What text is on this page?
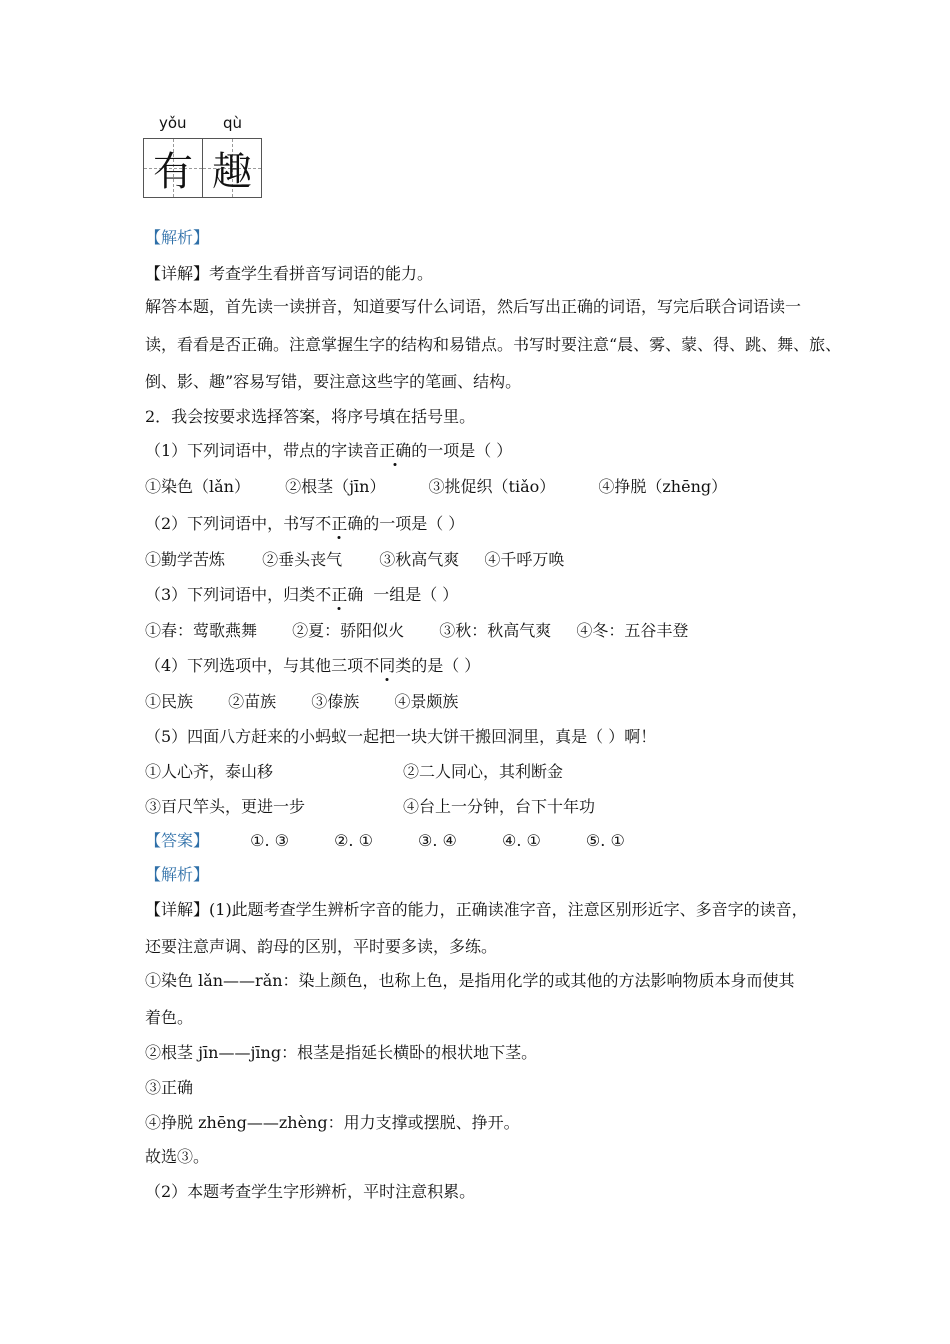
yǒu qù
有 趣
【解析】
【详解】考查学生看拼音写词语的能力。
解答本题，首先读一读拼音，知道要写什么词语，然后写出正确的词语，写完后联合词语读一
读，看看是否正确。注意掌握生字的结构和易错点。书写时要注意“晨、雾、蒙、得、跳、舞、旅、
倒、影、趣”容易写错，要注意这些字的笔画、结构。
2．我会按要求选择答案，将序号填在括号里。
（1）下列词语中，带点的字读音正确的一项是（ ）
①染色（lǎn） ②根茎（jīn）	③挑促织（tiǎo）	④挣脱（zhēng）
（2）下列词语中，书写不正确的一项是（ ）
①勤学苦炼 ②垂头丧气 ③秋高气爽 ④千呼万唤
（3）下列词语中，归类不正确 一组是（ ）
①春：莺歌燕舞 ②夏：骄阳似火 ③秋：秋高气爽 ④冬：五谷丰登
（4）下列选项中，与其他三项不同类的是（ ）
①民族 ②苗族 ③傣族 ④景颇族
（5）四面八方赶来的小蚂蚁一起把一块大饼干搬回洞里，真是（ ）啊！
①人心齐，泰山移	②二人同心，其利断金
③百尺竿头，更进一步	④台上一分钟，台下十年功
【答案】	①. ③	②. ①	③. ④	④. ①	⑤. ①
【解析】
【详解】(1)此题考查学生辨析字音的能力，正确读准字音，注意区别形近字、多音字的读音，
还要注意声调、韵母的区别，平时要多读，多练。
①染色 lǎn——rǎn：染上颜色，也称上色，是指用化学的或其他的方法影响物质本身而使其
着色。
②根茎 jīn——jīng：根茎是指延长横卧的根状地下茎。
③正确
④挣脱 zhēng——zhèng：用力支撑或摆脱、挣开。
故选③。
（2）本题考查学生字形辨析，平时注意积累。
